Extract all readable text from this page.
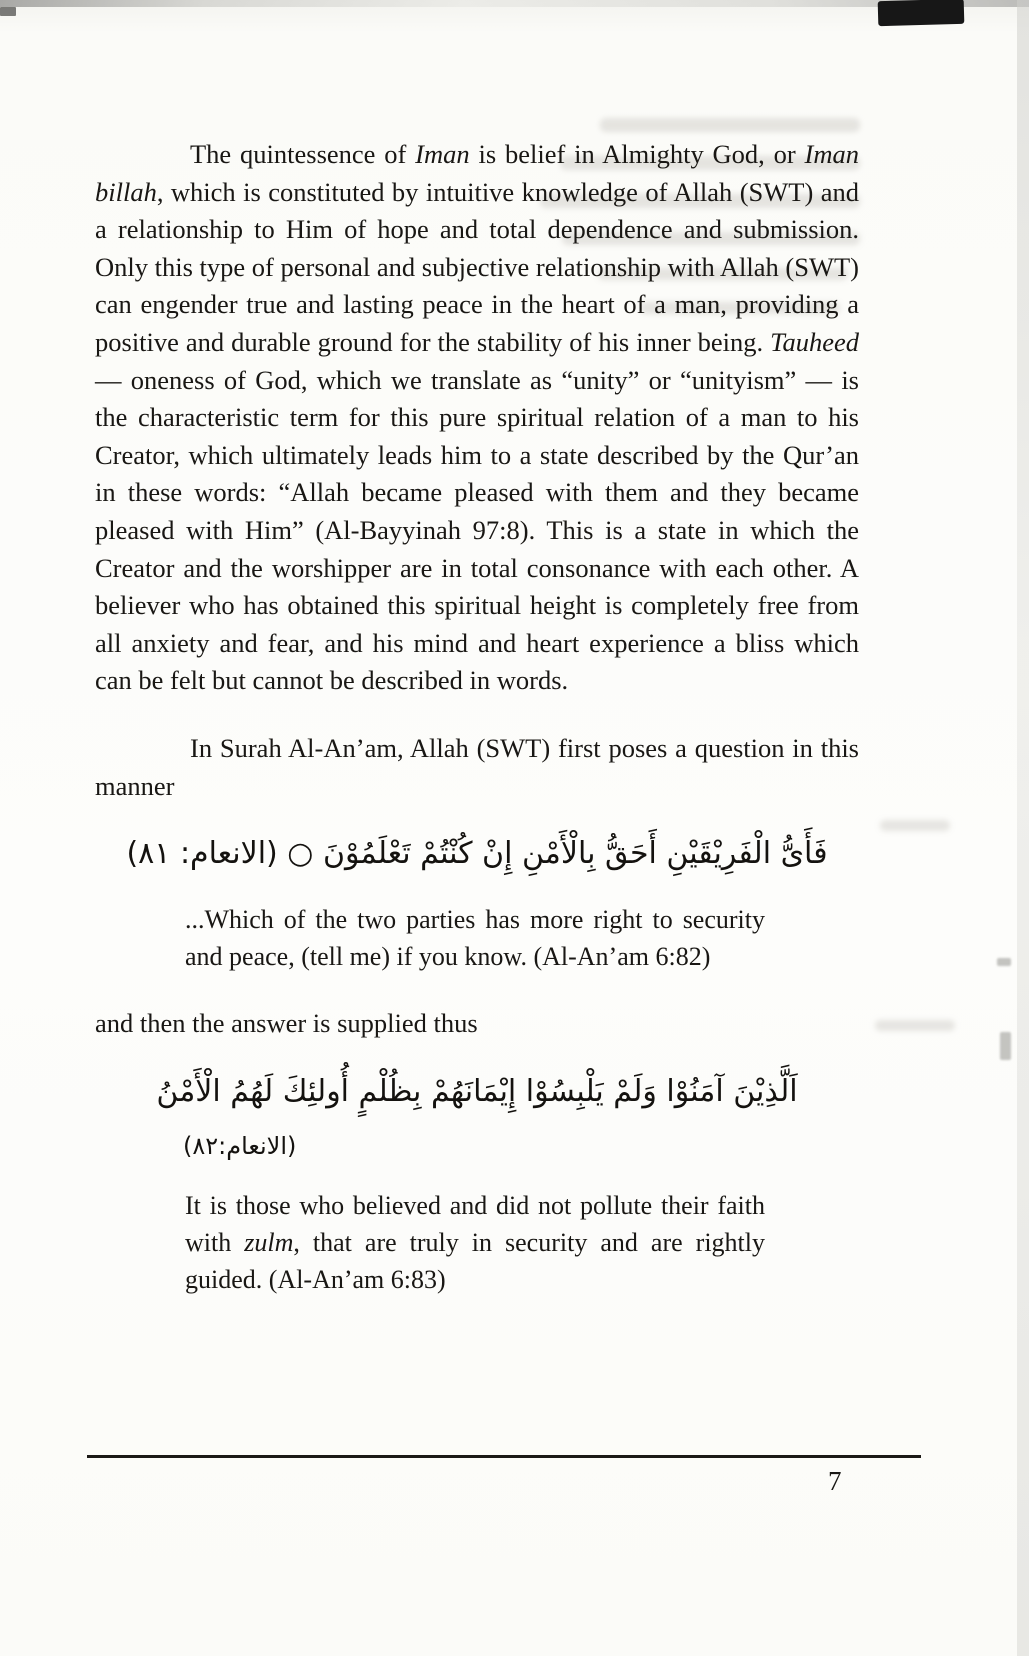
The quintessence of Iman is belief in Almighty God, or Iman billah, which is constituted by intuitive knowledge of Allah (SWT) and a relationship to Him of hope and total dependence and submission. Only this type of personal and subjective relationship with Allah (SWT) can engender true and lasting peace in the heart of a man, providing a positive and durable ground for the stability of his inner being. Tauheed — oneness of God, which we translate as “unity” or “unityism” — is the characteristic term for this pure spiritual relation of a man to his Creator, which ultimately leads him to a state described by the Qur’an in these words: “Allah became pleased with them and they became pleased with Him” (Al-Bayyinah 97:8). This is a state in which the Creator and the worshipper are in total consonance with each other. A believer who has obtained this spiritual height is completely free from all anxiety and fear, and his mind and heart experience a bliss which can be felt but cannot be described in words.

In Surah Al-An’am, Allah (SWT) first poses a question in this manner

فَأَىُّ الْفَرِيْقَيْنِ أَحَقُّ بِالْأَمْنِ إِنْ كُنْتُمْ تَعْلَمُوْنَ ○ (الانعام: ٨١)

...Which of the two parties has more right to security and peace, (tell me) if you know. (Al-An’am 6:82)

and then the answer is supplied thus

اَلَّذِيْنَ آمَنُوْا وَلَمْ يَلْبِسُوْا إِيْمَانَهُمْ بِظُلْمٍ أُولئِكَ لَهُمُ الْأَمْنُ
(الانعام:٨٢)

It is those who believed and did not pollute their faith with zulm, that are truly in security and are rightly guided. (Al-An’am 6:83)

7
